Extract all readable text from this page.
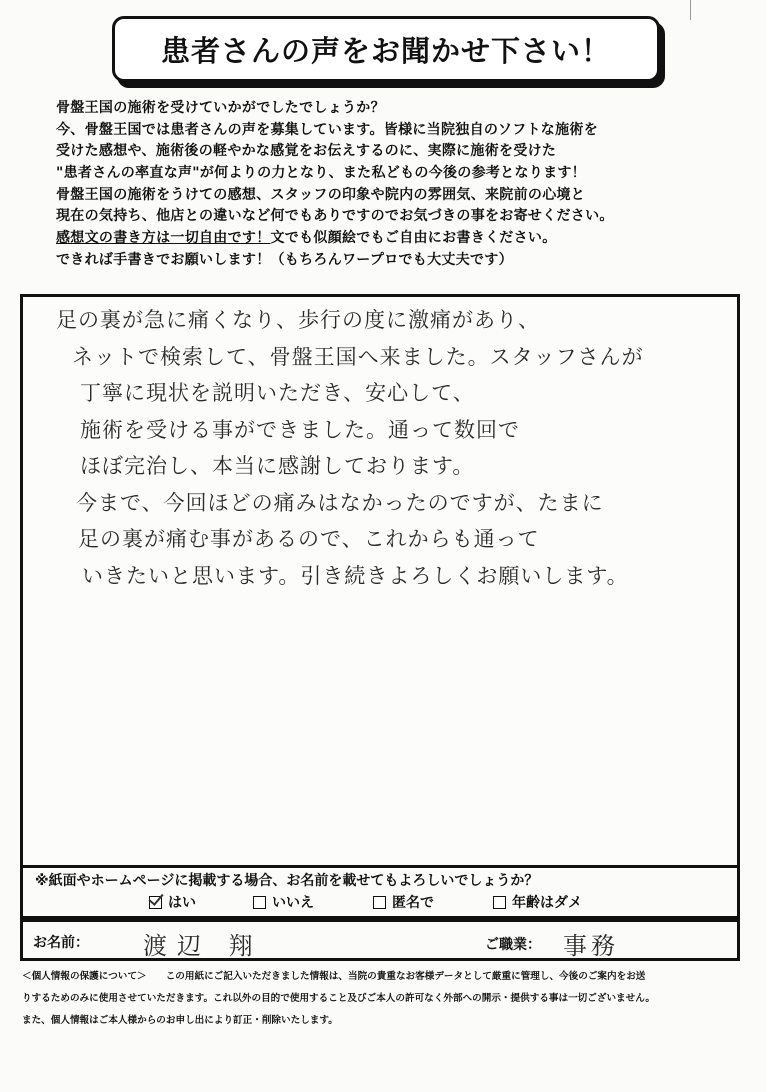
患者さんの声をお聞かせ下さい！
骨盤王国の施術を受けていかがでしたでしょうか？
今、骨盤王国では患者さんの声を募集しています。皆様に当院独自のソフトな施術を
受けた感想や、施術後の軽やかな感覚をお伝えするのに、実際に施術を受けた
"患者さんの率直な声"が何よりの力となり、また私どもの今後の参考となります！
骨盤王国の施術をうけての感想、スタッフの印象や院内の雰囲気、来院前の心境と
現在の気持ち、他店との違いなど何でもありですのでお気づきの事をお寄せください。
感想文の書き方は一切自由です！文でも似顔絵でもご自由にお書きください。
できれば手書きでお願いします！（もちろんワープロでも大丈夫です）
足の裏が急に痛くなり、歩行の度に激痛があり、
ネットで検索して、骨盤王国へ来ました。スタッフさんが
丁寧に現状を説明いただき、安心して、
施術を受ける事ができました。通って数回で
ほぼ完治し、本当に感謝しております。
今まで、今回ほどの痛みはなかったのですが、たまに
足の裏が痛む事があるので、これからも通って
いきたいと思います。引き続きよろしくお願いします。
※紙面やホームページに掲載する場合、お名前を載せてもよろしいでしょうか？
はい	いいえ	匿名で	年齢はダメ
お名前： 渡辺 翔	ご職業： 事務
＜個人情報の保護について＞　　この用紙にご記入いただきました情報は、当院の貴重なお客様データとして厳重に管理し、今後のご案内をお送
りするためのみに使用させていただきます。これ以外の目的で使用すること及びご本人の許可なく外部への開示・提供する事は一切ございません。
また、個人情報はご本人様からのお申し出により訂正・削除いたします。
